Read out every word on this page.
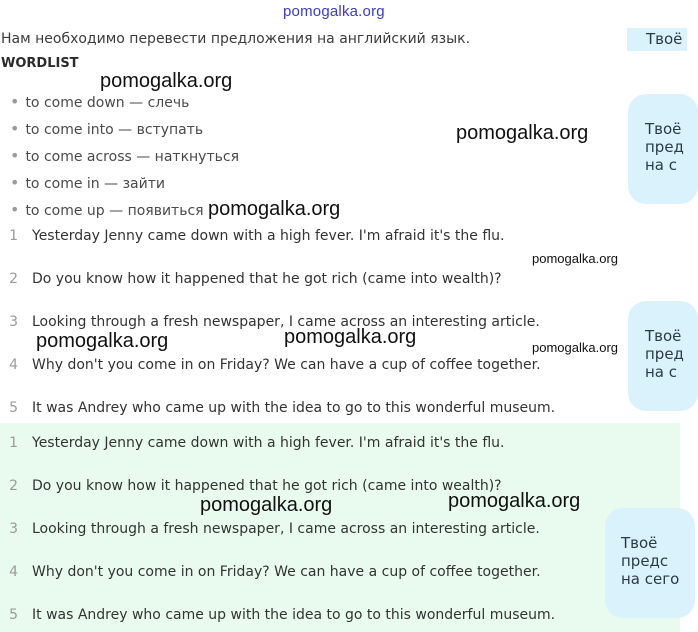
pomogalka.org
Нам необходимо перевести предложения на английский язык.
WORDLIST
• to come down — слечь
• to come into — вступать
• to come across — наткнуться
• to come in — зайти
• to come up — появиться
1 Yesterday Jenny came down with a high fever. I'm afraid it's the flu.
2 Do you know how it happened that he got rich (came into wealth)?
3 Looking through a fresh newspaper, I came across an interesting article.
4 Why don't you come in on Friday? We can have a cup of coffee together.
5 It was Andrey who came up with the idea to go to this wonderful museum.
1 Yesterday Jenny came down with a high fever. I'm afraid it's the flu.
2 Do you know how it happened that he got rich (came into wealth)?
3 Looking through a fresh newspaper, I came across an interesting article.
4 Why don't you come in on Friday? We can have a cup of coffee together.
5 It was Andrey who came up with the idea to go to this wonderful museum.
Твоё
Твоё
пред
на с
Твоё
пред
на с
Твоё
предс
на сего
pomogalka.org
pomogalka.org
pomogalka.org
pomogalka.org
pomogalka.org	pomogalka.org	pomogalka.org
pomogalka.org
pomogalka.org
